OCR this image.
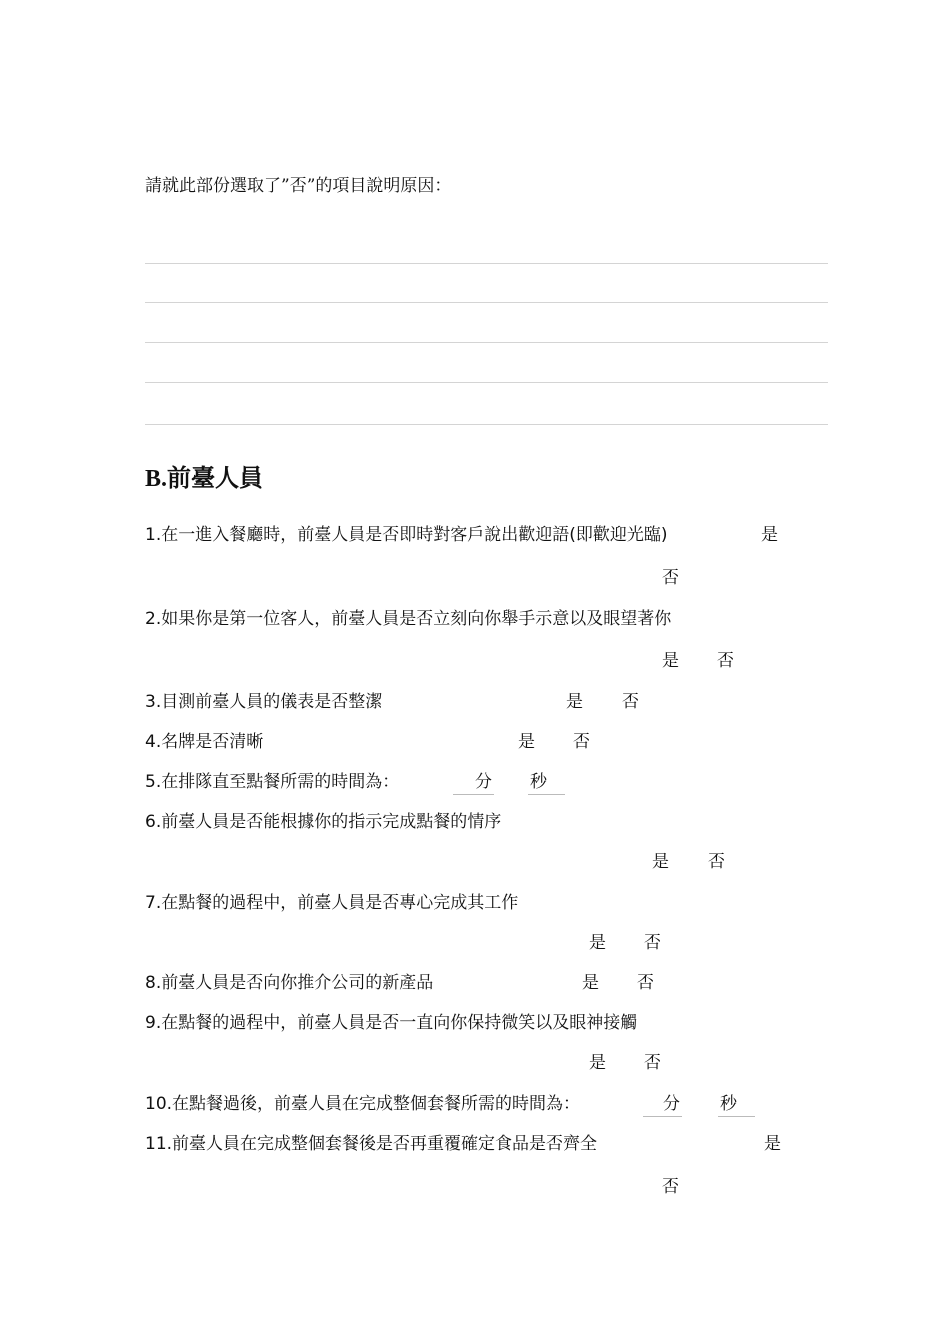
請就此部份選取了”否”的項目說明原因：
B.前臺人員
1.在一進入餐廳時，前臺人員是否即時對客戶說出歡迎語(即歡迎光臨)	是
否
2.如果你是第一位客人，前臺人員是否立刻向你舉手示意以及眼望著你
是 否
3.目測前臺人員的儀表是否整潔	是 否
4.名牌是否清晰	是 否
5.在排隊直至點餐所需的時間為：	分 秒
6.前臺人員是否能根據你的指示完成點餐的情序
是 否
7.在點餐的過程中，前臺人員是否專心完成其工作
是 否
8.前臺人員是否向你推介公司的新產品	是 否
9.在點餐的過程中，前臺人員是否一直向你保持微笑以及眼神接觸
是 否
10.在點餐過後，前臺人員在完成整個套餐所需的時間為：	分 秒
11.前臺人員在完成整個套餐後是否再重覆確定食品是否齊全	是
否
